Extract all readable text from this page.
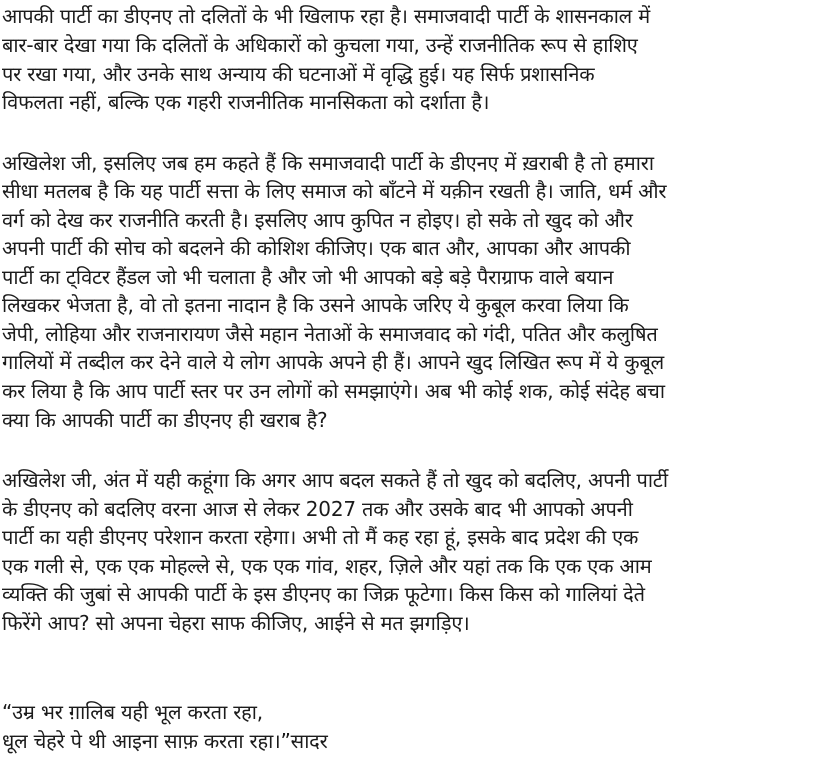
आपकी पार्टी का डीएनए तो दलितों के भी खिलाफ रहा है। समाजवादी पार्टी के शासनकाल में
बार-बार देखा गया कि दलितों के अधिकारों को कुचला गया, उन्हें राजनीतिक रूप से हाशिए
पर रखा गया, और उनके साथ अन्याय की घटनाओं में वृद्धि हुई। यह सिर्फ प्रशासनिक
विफलता नहीं, बल्कि एक गहरी राजनीतिक मानसिकता को दर्शाता है।
अखिलेश जी, इसलिए जब हम कहते हैं कि समाजवादी पार्टी के डीएनए में ख़राबी है तो हमारा
सीधा मतलब है कि यह पार्टी सत्ता के लिए समाज को बाँटने में यक़ीन रखती है। जाति, धर्म और
वर्ग को देख कर राजनीति करती है। इसलिए आप कुपित न होइए। हो सके तो खुद को और
अपनी पार्टी की सोच को बदलने की कोशिश कीजिए। एक बात और, आपका और आपकी
पार्टी का ट्विटर हैंडल जो भी चलाता है और जो भी आपको बड़े बड़े पैराग्राफ वाले बयान
लिखकर भेजता है, वो तो इतना नादान है कि उसने आपके जरिए ये कुबूल करवा लिया कि
जेपी, लोहिया और राजनारायण जैसे महान नेताओं के समाजवाद को गंदी, पतित और कलुषित
गालियों में तब्दील कर देने वाले ये लोग आपके अपने ही हैं। आपने खुद लिखित रूप में ये कुबूल
कर लिया है कि आप पार्टी स्तर पर उन लोगों को समझाएंगे। अब भी कोई शक, कोई संदेह बचा
क्या कि आपकी पार्टी का डीएनए ही खराब है?
अखिलेश जी, अंत में यही कहूंगा कि अगर आप बदल सकते हैं तो खुद को बदलिए, अपनी पार्टी
के डीएनए को बदलिए वरना आज से लेकर 2027 तक और उसके बाद भी आपको अपनी
पार्टी का यही डीएनए परेशान करता रहेगा। अभी तो मैं कह रहा हूं, इसके बाद प्रदेश की एक
एक गली से, एक एक मोहल्ले से, एक एक गांव, शहर, ज़िले और यहां तक कि एक एक आम
व्यक्ति की जुबां से आपकी पार्टी के इस डीएनए का जिक्र फूटेगा। किस किस को गालियां देते
फिरेंगे आप? सो अपना चेहरा साफ कीजिए, आईने से मत झगड़िए।
“उम्र भर ग़ालिब यही भूल करता रहा,
धूल चेहरे पे थी आइना साफ़ करता रहा।”सादर
